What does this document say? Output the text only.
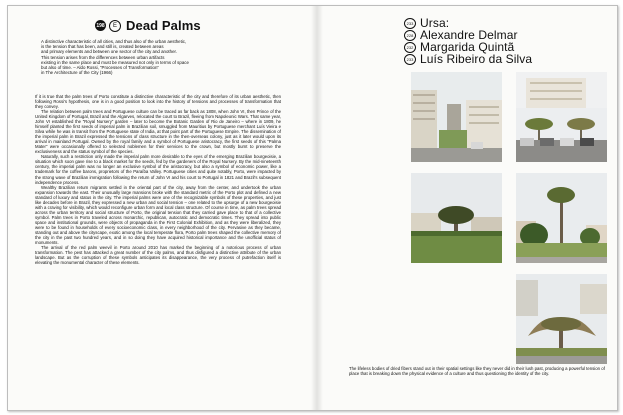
198	E Dead Palms
A distinctive characteristic of all cities, and thus also of the urban aesthetic,
is the tension that has been, and still is, created between areas
and primary elements and between one sector of the city and another.
This tension arises from the differences between urban artifacts
existing in the same place and must be measured not only in terms of space
but also of time. – Aldo Rossi, “Processes of Transformation”
in The Architecture of the City (1966)

If it is true that the palm trees of Porto constitute a distinctive characteristic of the city and therefore of its urban aesthetic, then following Rossi's hypothesis, one is in a good position to look into the history of tensions and processes of transformation that they convey.

The relation between palm trees and Portuguese culture can be traced as far back as 1808, when John VI, then Prince of the United Kingdom of Portugal, Brazil and the Algarves, relocated the court to Brazil, fleeing from Napoleonic Wars. That same year, John VI established the “Royal Nursery” garden – later to become the Botanic Garden of Rio de Janeiro – where in 1809, he himself planted the first seeds of imperial palm in Brazilian soil, smuggled from Mauritius by Portuguese merchant Luís Vieira e Silva while he was in transit from the Portuguese state of India, at that point part of the Portuguese Empire. The dissemination of the imperial palm in Brazil expressed the tensions of class structure in the then-overseas colony, just as it later would upon its arrival in mainland Portugal. Owned by the royal family and a symbol of Portuguese aristocracy, the first seeds of this “Palma Mater” were occasionally offered to selected noblemen for their services to the crown, but mostly burnt to preserve the exclusiveness and the status symbol of the species.

Naturally, such a restriction only made the imperial palm more desirable to the eyes of the emerging Brazilian bourgeoisie, a situation which soon gave rise to a black market for the seeds, fed by the gardeners of the Royal Nursery. By the mid-nineteenth century, the imperial palm was no longer an exclusive symbol of the aristocracy, but also a symbol of economic power, like a trademark for the coffee barons, proprietors of the Paraíba Valley. Portuguese cities and quite notably, Porto, were impacted by the strong wave of Brazilian immigration following the return of John VI and his court to Portugal in 1821 and Brazil's subsequent independence process.

Wealthy Brazilian return migrants settled in the oriental part of the city, away from the center, and undertook the urban expansion towards the east. Their unusually large mansions broke with the standard metric of the Porto plot and defined a new standard of luxury and status in the city. The imperial palms were one of the recognizable symbols of these properties, and just like decades before in Brazil, they expressed a new urban and social tension – one related to the upsurge of a new bourgeoisie with a craving for visibility, which would reconfigure urban form and local class structure. Of course in time, as palm trees spread across the urban territory and social structure of Porto, the original tension that they carried gave place to that of a collective symbol. Palm trees in Porto traveled across monarchic, republican, autocratic and democratic times. They spread into public space and institutional grounds, were objects of propaganda in the First Colonial Exhibition, and as they were liberalized, they were to be found in households of every socioeconomic class, in every neighborhood of the city. Pervasive as they became, standing out and above the cityscape, exotic among the local temperate flora, Porto palm trees shaped the collective memory of the city in the past two hundred years, and in so doing they have acquired historical importance and the unofficial status of monuments.

The arrival of the red palm weevil in Porto around 2010 has marked the beginning of a notorious process of urban transformation. The pest has attacked a great number of the city palms, and thus disfigured a distinctive attribute of the urban landscape. But as the corruption of these symbols anticipates its disappearance, the very process of putrefaction itself is elevating the monumental character of these elements.

233 Ursa:
228 Alexandre Delmar
232 Margarida Quintã
233 Luís Ribeiro da Silva
The lifeless bodies of dried fibers stand out in their spatial settings like they never did in their lush past, producing a powerful tension of place that is breaking down the physical evidence of a culture and thus questioning the identity of the city.
